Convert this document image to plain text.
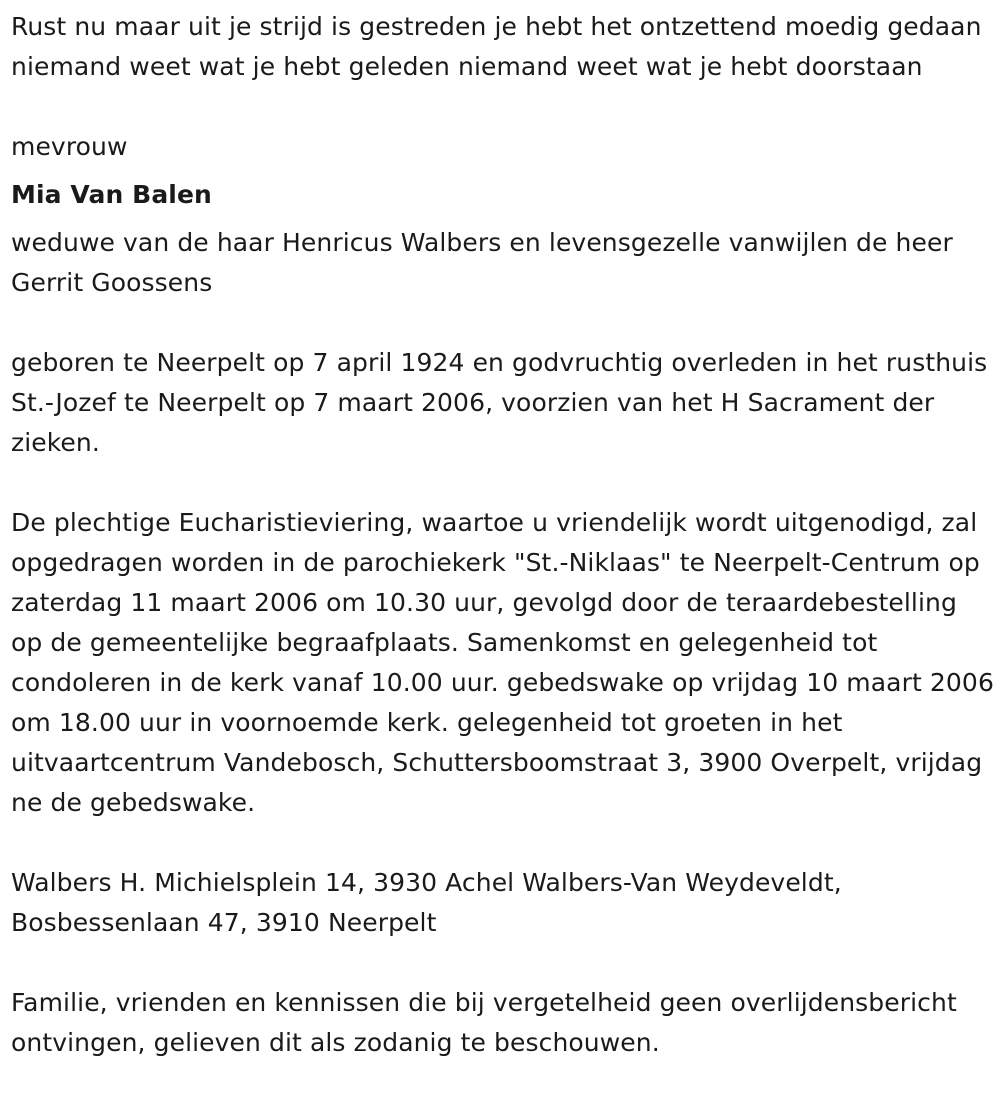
Rust nu maar uit je strijd is gestreden je hebt het ontzettend moedig gedaan niemand weet wat je hebt geleden niemand weet wat je hebt doorstaan

mevrouw

Mia Van Balen

weduwe van de haar Henricus Walbers en levensgezelle vanwijlen de heer Gerrit Goossens

geboren te Neerpelt op 7 april 1924 en godvruchtig overleden in het rusthuis St.-Jozef te Neerpelt op 7 maart 2006, voorzien van het H Sacrament der zieken.

De plechtige Eucharistieviering, waartoe u vriendelijk wordt uitgenodigd, zal opgedragen worden in de parochiekerk "St.-Niklaas" te Neerpelt-Centrum op zaterdag 11 maart 2006 om 10.30 uur, gevolgd door de teraardebestelling op de gemeentelijke begraafplaats. Samenkomst en gelegenheid tot condoleren in de kerk vanaf 10.00 uur. gebedswake op vrijdag 10 maart 2006 om 18.00 uur in voornoemde kerk. gelegenheid tot groeten in het uitvaartcentrum Vandebosch, Schuttersboomstraat 3, 3900 Overpelt, vrijdag ne de gebedswake.

Walbers H. Michielsplein 14, 3930 Achel Walbers-Van Weydeveldt, Bosbessenlaan 47, 3910 Neerpelt

Familie, vrienden en kennissen die bij vergetelheid geen overlijdensbericht ontvingen, gelieven dit als zodanig te beschouwen.
